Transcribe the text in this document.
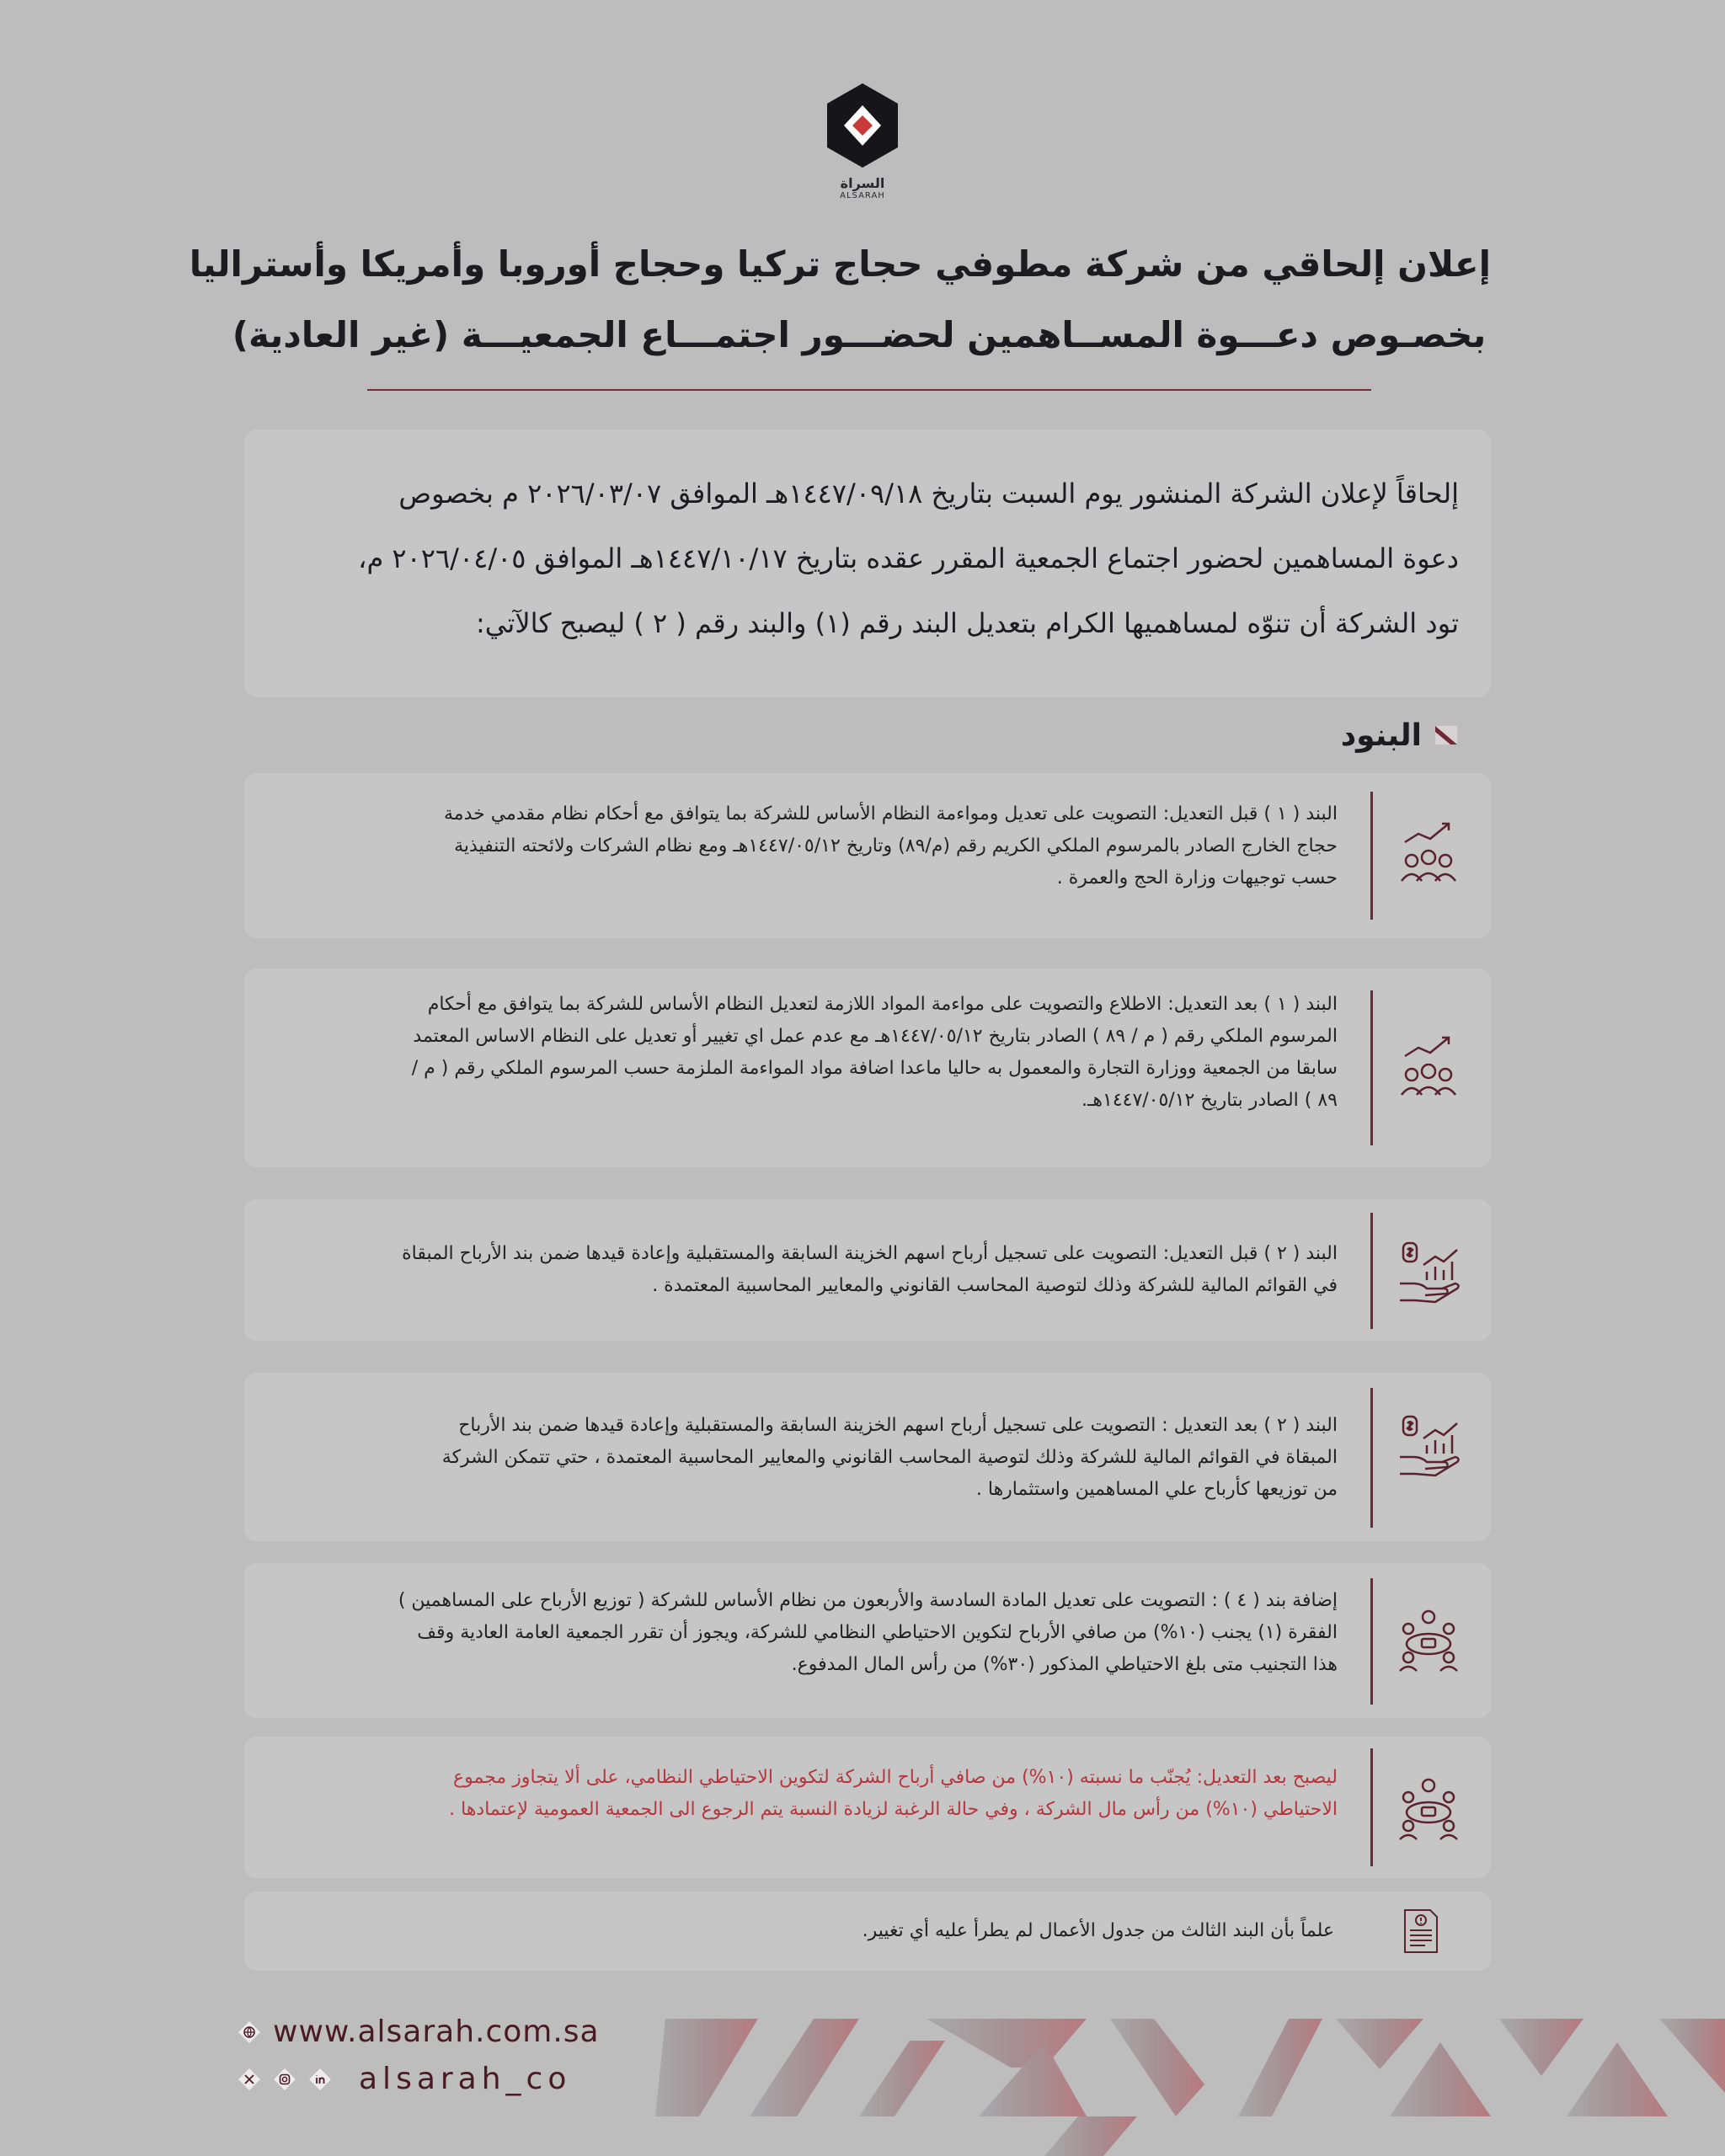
السراة
ALSARAH
إعلان إلحاقي من شركة مطوفي حجاج تركيا وحجاج أوروبا وأمريكا وأستراليا
بخصـوص دعـــوة المســاهمين لحضـــور اجتمـــاع الجمعيـــة (غير العادية)

إلحاقاً لإعلان الشركة المنشور يوم السبت بتاريخ ١٤٤٧/٠٩/١٨هـ الموافق ٢٠٢٦/٠٣/٠٧ م بخصوص

دعوة المساهمين لحضور اجتماع الجمعية المقرر عقده بتاريخ ١٤٤٧/١٠/١٧هـ الموافق ٢٠٢٦/٠٤/٠٥ م،

تود الشركة أن تنوّه لمساهميها الكرام بتعديل البند رقم (١) والبند رقم ( ٢ ) ليصبح كالآتي:

البنود
البند ( ١ ) قبل التعديل: التصويت على تعديل ومواءمة النظام الأساس للشركة بما يتوافق مع أحكام نظام مقدمي خدمة
حجاج الخارج الصادر بالمرسوم الملكي الكريم رقم (م/٨٩) وتاريخ ١٤٤٧/٠٥/١٢هـ ومع نظام الشركات ولائحته التنفيذية
حسب توجيهات وزارة الحج والعمرة .
البند ( ١ ) بعد التعديل: الاطلاع والتصويت على مواءمة المواد اللازمة لتعديل النظام الأساس للشركة بما يتوافق مع أحكام
المرسوم الملكي رقم ( م / ٨٩ ) الصادر بتاريخ ١٤٤٧/٠٥/١٢هـ مع عدم عمل اي تغيير أو تعديل على النظام الاساس المعتمد
سابقا من الجمعية ووزارة التجارة والمعمول به حاليا ماعدا اضافة مواد المواءمة الملزمة حسب المرسوم الملكي رقم ( م /
٨٩ ) الصادر بتاريخ ١٤٤٧/٠٥/١٢هـ.
البند ( ٢ ) قبل التعديل: التصويت على تسجيل أرباح اسهم الخزينة السابقة والمستقبلية وإعادة قيدها ضمن بند الأرباح المبقاة
في القوائم المالية للشركة وذلك لتوصية المحاسب القانوني والمعايير المحاسبية المعتمدة .
البند ( ٢ ) بعد التعديل : التصويت على تسجيل أرباح اسهم الخزينة السابقة والمستقبلية وإعادة قيدها ضمن بند الأرباح
المبقاة في القوائم المالية للشركة وذلك لتوصية المحاسب القانوني والمعايير المحاسبية المعتمدة ، حتي تتمكن الشركة
من توزيعها كأرباح علي المساهمين واستثمارها .
إضافة بند ( ٤ ) : التصويت على تعديل المادة السادسة والأربعون من نظام الأساس للشركة ( توزيع الأرباح على المساهمين )
الفقرة (١) يجنب (١٠%) من صافي الأرباح لتكوين الاحتياطي النظامي للشركة، ويجوز أن تقرر الجمعية العامة العادية وقف
هذا التجنيب متى بلغ الاحتياطي المذكور (٣٠%) من رأس المال المدفوع.
ليصبح بعد التعديل: يُجنّب ما نسبته (١٠%) من صافي أرباح الشركة لتكوين الاحتياطي النظامي، على ألا يتجاوز مجموع
الاحتياطي (١٠%) من رأس مال الشركة ، وفي حالة الرغبة لزيادة النسبة يتم الرجوع الى الجمعية العمومية لإعتمادها .
علماً بأن البند الثالث من جدول الأعمال لم يطرأ عليه أي تغيير.
www.alsarah.com.sa
alsarah_co
